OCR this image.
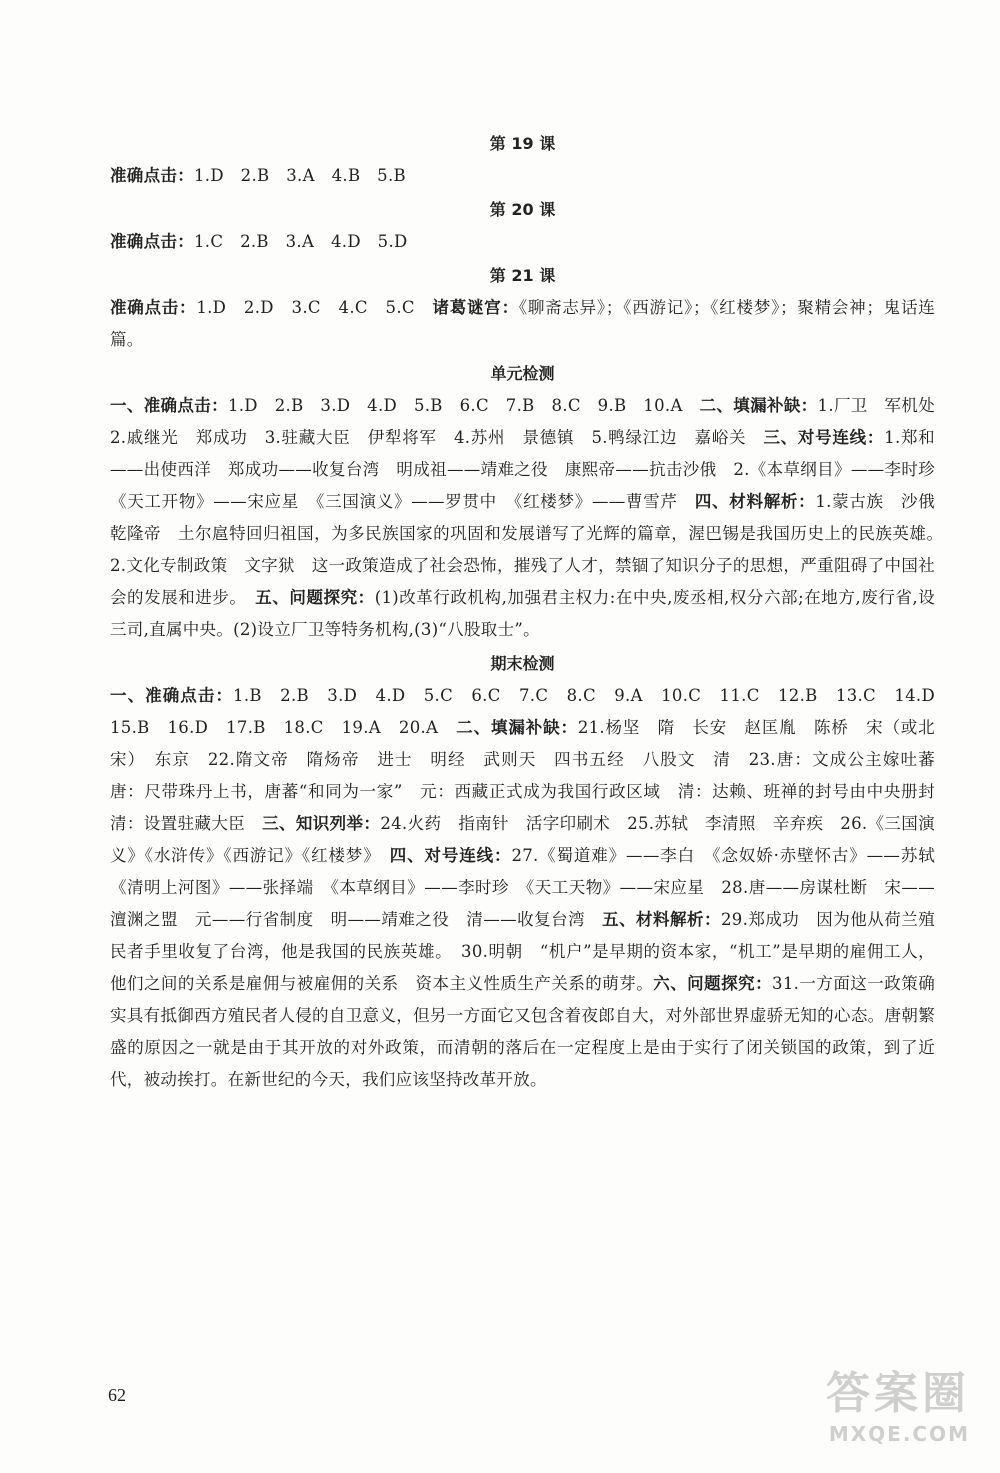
第 19 课

准确点击：1.D　2.B　3.A　4.B　5.B

第 20 课

准确点击：1.C　2.B　3.A　4.D　5.D

第 21 课

准确点击：1.D　2.D　3.C　4.C　5.C　诸葛谜宫：《聊斋志异》；《西游记》；《红楼梦》；聚精会神；鬼话连篇。

单元检测

一、准确点击：1.D　2.B　3.D　4.D　5.B　6.C　7.B　8.C　9.B　10.A　二、填漏补缺：1.厂卫　军机处　2.戚继光　郑成功　3.驻藏大臣　伊犁将军　4.苏州　景德镇　5.鸭绿江边　嘉峪关　三、对号连线：1.郑和——出使西洋　郑成功——收复台湾　明成祖——靖难之役　康熙帝——抗击沙俄　2.《本草纲目》——李时珍　《天工开物》——宋应星　《三国演义》——罗贯中　《红楼梦》——曹雪芹　四、材料解析：1.蒙古族　沙俄　乾隆帝　土尔扈特回归祖国，为多民族国家的巩固和发展谱写了光辉的篇章，渥巴锡是我国历史上的民族英雄。　2.文化专制政策　文字狱　这一政策造成了社会恐怖，摧残了人才，禁锢了知识分子的思想，严重阻碍了中国社会的发展和进步。　五、问题探究：(1)改革行政机构,加强君主权力:在中央,废丞相,权分六部;在地方,废行省,设三司,直属中央。(2)设立厂卫等特务机构,(3)“八股取士”。

期末检测

一、准确点击：1.B　2.B　3.D　4.D　5.C　6.C　7.C　8.C　9.A　10.C　11.C　12.B　13.C　14.D　15.B　16.D　17.B　18.C　19.A　20.A　二、填漏补缺：21.杨坚　隋　长安　赵匡胤　陈桥　宋（或北宋）　东京　22.隋文帝　隋炀帝　进士　明经　武则天　四书五经　八股文　清　23.唐：文成公主嫁吐蕃　唐：尺带珠丹上书，唐蕃“和同为一家”　元：西藏正式成为我国行政区域　清：达赖、班禅的封号由中央册封　清：设置驻藏大臣　三、知识列举：24.火药　指南针　活字印刷术　25.苏轼　李清照　辛弃疾　26.《三国演义》《水浒传》《西游记》《红楼梦》　四、对号连线：27.《蜀道难》——李白　《念奴娇·赤壁怀古》——苏轼《清明上河图》——张择端　《本草纲目》——李时珍　《天工天物》——宋应星　28.唐——房谋杜断　宋——澶渊之盟　元——行省制度　明——靖难之役　清——收复台湾　五、材料解析：29.郑成功　因为他从荷兰殖民者手里收复了台湾，他是我国的民族英雄。　30.明朝　“机户”是早期的资本家，“机工”是早期的雇佣工人，他们之间的关系是雇佣与被雇佣的关系　资本主义性质生产关系的萌芽。六、问题探究：31.一方面这一政策确实具有抵御西方殖民者人侵的自卫意义，但另一方面它又包含着夜郎自大，对外部世界虚骄无知的心态。唐朝繁盛的原因之一就是由于其开放的对外政策，而清朝的落后在一定程度上是由于实行了闭关锁国的政策，到了近代，被动挨打。在新世纪的今天，我们应该坚持改革开放。

62	答案圈
MXQE.COM
